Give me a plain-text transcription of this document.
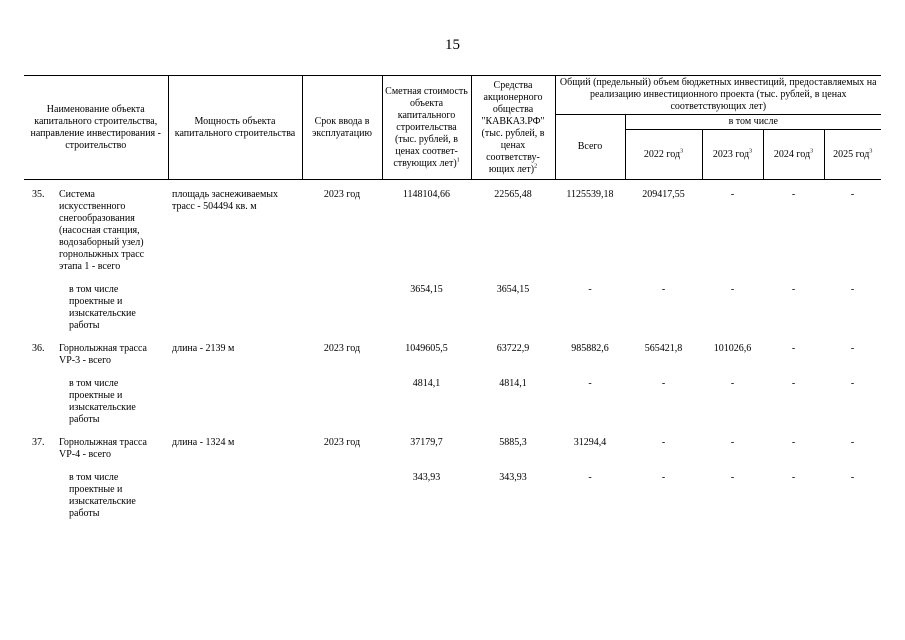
15
Наименование объекта капитального строительства, направление инвестирования - строительство	Мощность объекта капитального строительства	Срок ввода в эксплуатацию	Сметная стоимость объекта капитального строительства (тыс. рублей, в ценах соответ-ствующих лет)$^1$	Средства акционерного общества "КАВКАЗ.РФ" (тыс. рублей, в ценах соответству-ющих лет)$^2$	Общий (предельный) объем бюджетных инвестиций, предоставляемых на реализацию инвестиционного проекта (тыс. рублей, в ценах соответствующих лет)				
					Всего	в том числе			
						2022 год$^3$	2023 год$^3$	2024 год$^3$	2025 год$^3$

35. Система искусственного снегообразования (насосная станция, водозаборный узел) горнолыжных трасс этапа 1 - всего	площадь заснеживаемых трасс - 504494 кв. м	2023 год	1148104,66	22565,48	1125539,18	209417,55	-	-	-

в том числе проектные и изыскательские работы			3654,15	3654,15	-	-	-	-	-

36. Горнолыжная трасса VP-3 - всего	длина - 2139 м	2023 год	1049605,5	63722,9	985882,6	565421,8	101026,6	-	-

в том числе проектные и изыскательские работы			4814,1	4814,1	-	-	-	-	-

37. Горнолыжная трасса VP-4 - всего	длина - 1324 м	2023 год	37179,7	5885,3	31294,4	-	-	-	-

в том числе проектные и изыскательские работы			343,93	343,93	-	-	-	-	-
